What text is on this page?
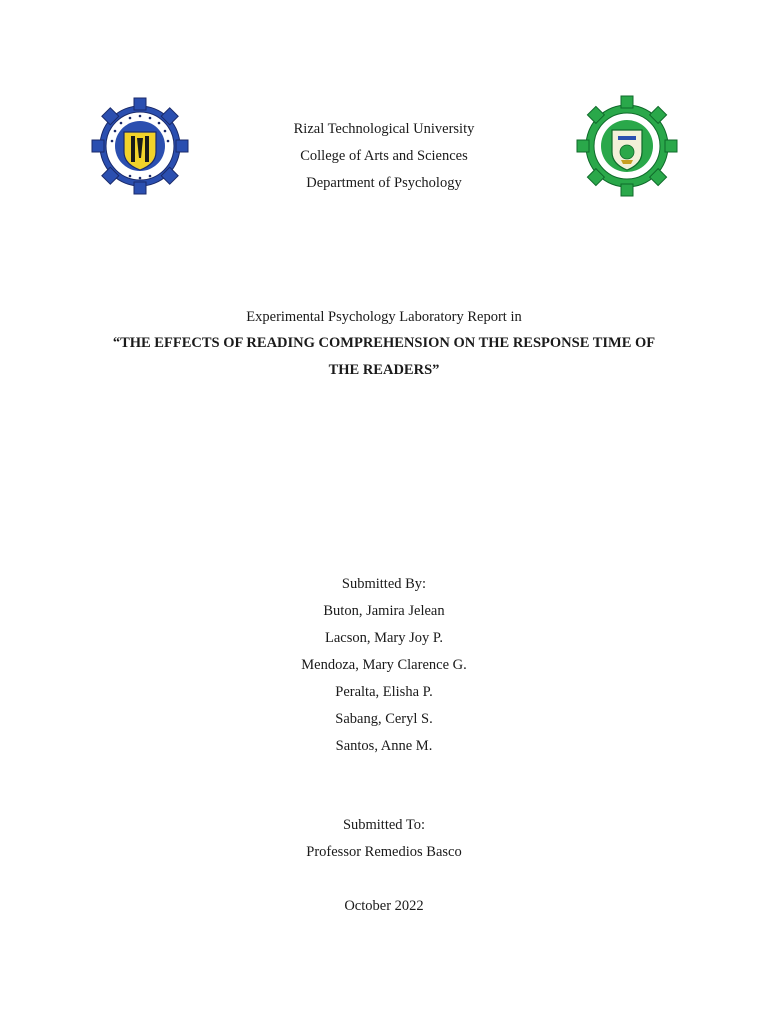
Rizal Technological University
College of Arts and Sciences
Department of Psychology
Experimental Psychology Laboratory Report in
“THE EFFECTS OF READING COMPREHENSION ON THE RESPONSE TIME OF
THE READERS”
Submitted By:
Buton, Jamira Jelean
Lacson, Mary Joy P.
Mendoza, Mary Clarence G.
Peralta, Elisha P.
Sabang, Ceryl S.
Santos, Anne M.
Submitted To:
Professor Remedios Basco
October 2022
